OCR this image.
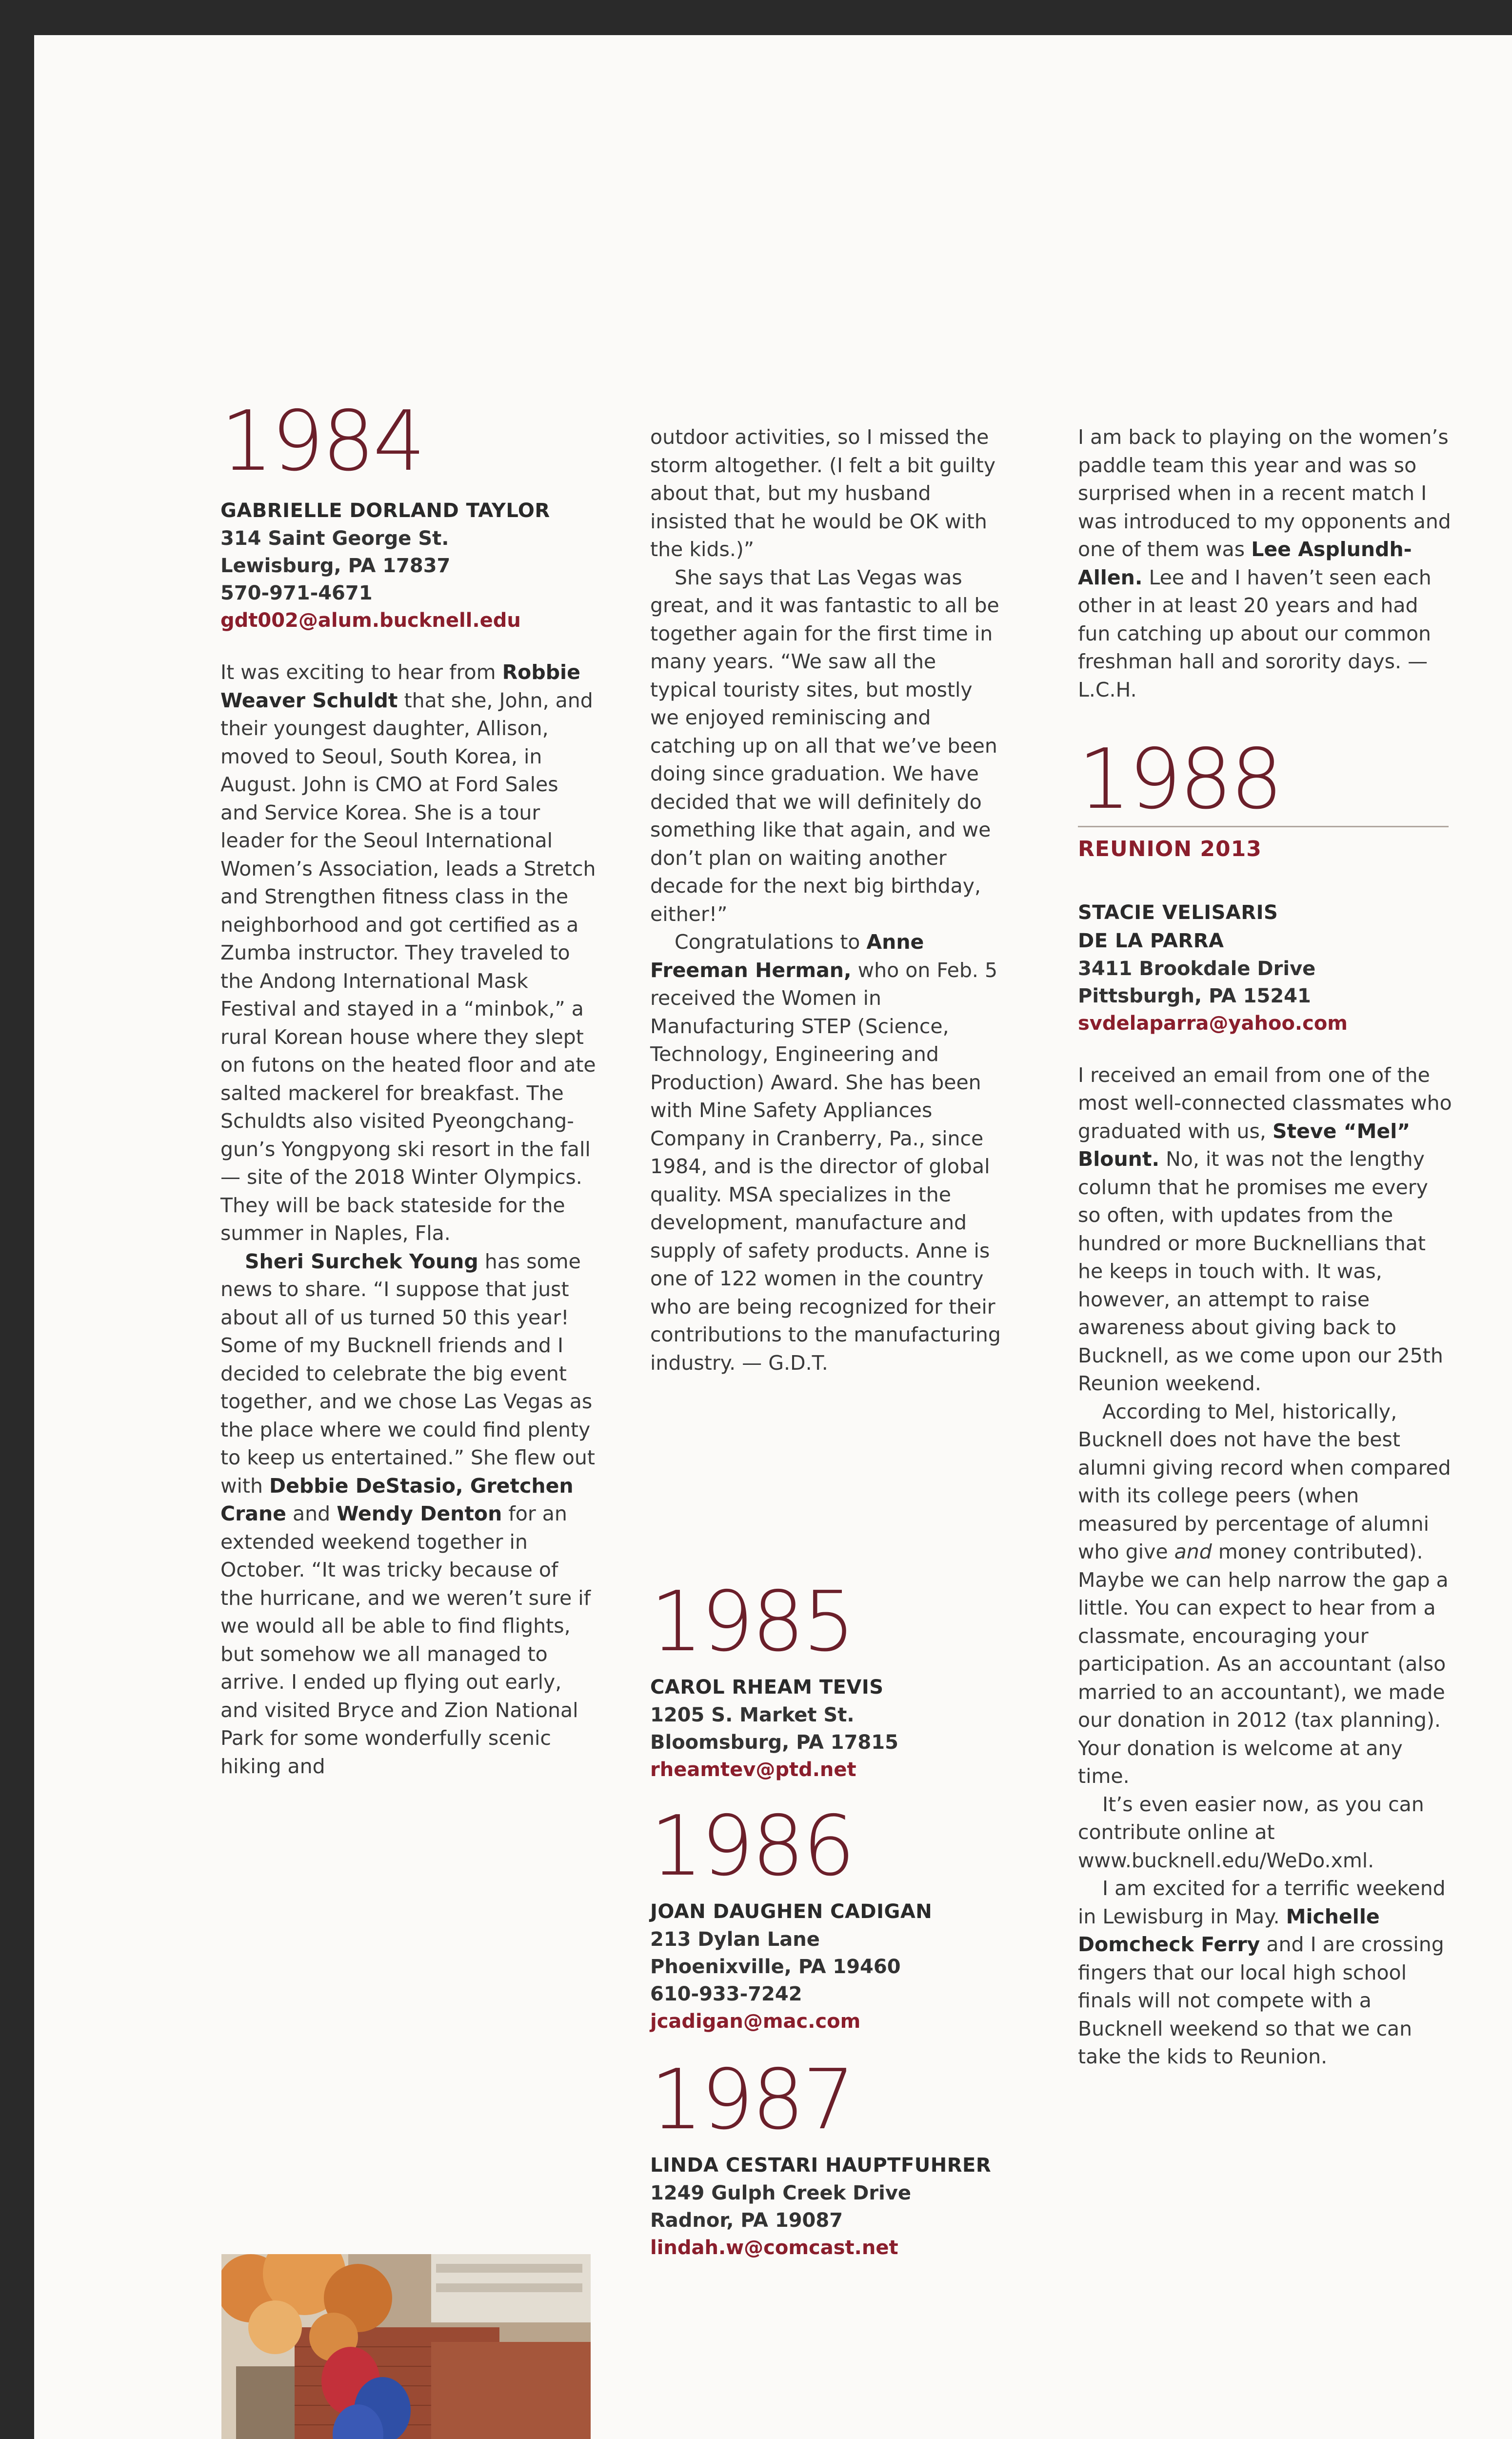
1984
GABRIELLE DORLAND TAYLOR
314 Saint George St.
Lewisburg, PA 17837
570-971-4671
gdt002@alum.bucknell.edu

It was exciting to hear from Robbie Weaver Schuldt that she, John, and their youngest daughter, Allison, moved to Seoul, South Korea, in August. John is CMO at Ford Sales and Service Korea. She is a tour leader for the Seoul International Women’s Association, leads a Stretch and Strengthen fitness class in the neighborhood and got certified as a Zumba instructor. They traveled to the Andong International Mask Festival and stayed in a “minbok,” a rural Korean house where they slept on futons on the heated floor and ate salted mackerel for breakfast. The Schuldts also visited Pyeongchang-gun’s Yongpyong ski resort in the fall — site of the 2018 Winter Olympics. They will be back stateside for the summer in Naples, Fla.

Sheri Surchek Young has some news to share. “I suppose that just about all of us turned 50 this year! Some of my Bucknell friends and I decided to celebrate the big event together, and we chose Las Vegas as the place where we could find plenty to keep us entertained.” She flew out with Debbie DeStasio, Gretchen Crane and Wendy Denton for an extended weekend together in October. “It was tricky because of the hurricane, and we weren’t sure if we would all be able to find flights, but somehow we all managed to arrive. I ended up flying out early, and visited Bryce and Zion National Park for some wonderfully scenic hiking and

outdoor activities, so I missed the storm altogether. (I felt a bit guilty about that, but my husband insisted that he would be OK with the kids.)”

She says that Las Vegas was great, and it was fantastic to all be together again for the first time in many years. “We saw all the typical touristy sites, but mostly we enjoyed reminiscing and catching up on all that we’ve been doing since graduation. We have decided that we will definitely do something like that again, and we don’t plan on waiting another decade for the next big birthday, either!”

Congratulations to Anne Freeman Herman, who on Feb. 5 received the Women in Manufacturing STEP (Science, Technology, Engineering and Production) Award. She has been with Mine Safety Appliances Company in Cranberry, Pa., since 1984, and is the director of global quality. MSA specializes in the development, manufacture and supply of safety products. Anne is one of 122 women in the country who are being recognized for their contributions to the manufacturing industry. — G.D.T.

1985
CAROL RHEAM TEVIS
1205 S. Market St.
Bloomsburg, PA 17815
rheamtev@ptd.net
1986
JOAN DAUGHEN CADIGAN
213 Dylan Lane
Phoenixville, PA 19460
610-933-7242
jcadigan@mac.com
1987
LINDA CESTARI HAUPTFUHRER
1249 Gulph Creek Drive
Radnor, PA 19087
lindah.w@comcast.net

I am back to playing on the women’s paddle team this year and was so surprised when in a recent match I was introduced to my opponents and one of them was Lee Asplundh-Allen. Lee and I haven’t seen each other in at least 20 years and had fun catching up about our common freshman hall and sorority days. — L.C.H.

1988
REUNION 2013
STACIE VELISARIS
DE LA PARRA
3411 Brookdale Drive
Pittsburgh, PA 15241
svdelaparra@yahoo.com

I received an email from one of the most well-connected classmates who graduated with us, Steve “Mel” Blount. No, it was not the lengthy column that he promises me every so often, with updates from the hundred or more Bucknellians that he keeps in touch with. It was, however, an attempt to raise awareness about giving back to Bucknell, as we come upon our 25th Reunion weekend.

According to Mel, historically, Bucknell does not have the best alumni giving record when compared with its college peers (when measured by percentage of alumni who give and money contributed). Maybe we can help narrow the gap a little. You can expect to hear from a classmate, encouraging your participation. As an accountant (also married to an accountant), we made our donation in 2012 (tax planning). Your donation is welcome at any time.

It’s even easier now, as you can contribute online at www.bucknell.edu/WeDo.xml.

I am excited for a terrific weekend in Lewisburg in May. Michelle Domcheck Ferry and I are crossing fingers that our local high school finals will not compete with a Bucknell weekend so that we can take the kids to Reunion.
